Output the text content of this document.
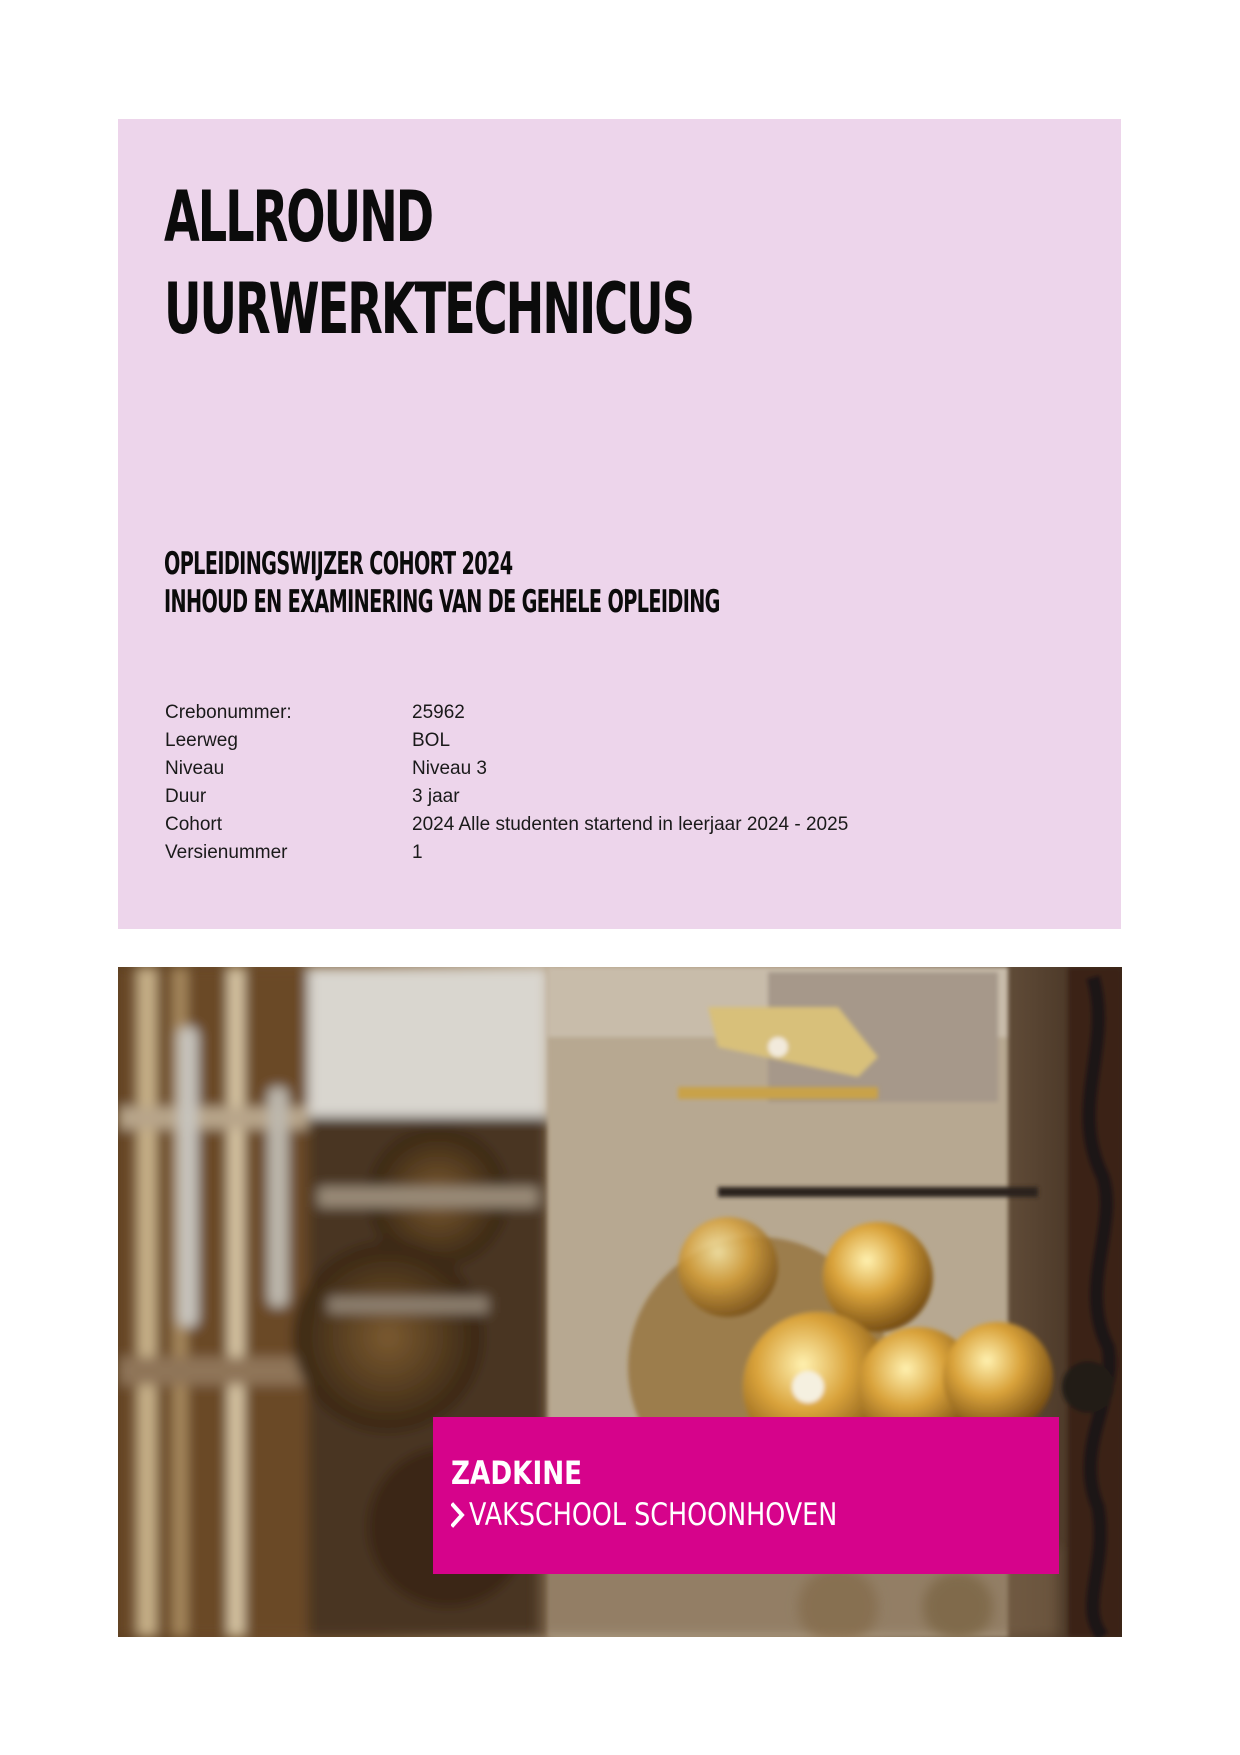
ALLROUND
UURWERKTECHNICUS
OPLEIDINGSWIJZER COHORT 2024
INHOUD EN EXAMINERING VAN DE GEHELE OPLEIDING
Crebonummer:	25962
Leerweg	BOL
Niveau	Niveau 3
Duur	3 jaar
Cohort	2024 Alle studenten startend in leerjaar 2024 - 2025
Versienummer	1
ZADKINE
VAKSCHOOL SCHOONHOVEN
